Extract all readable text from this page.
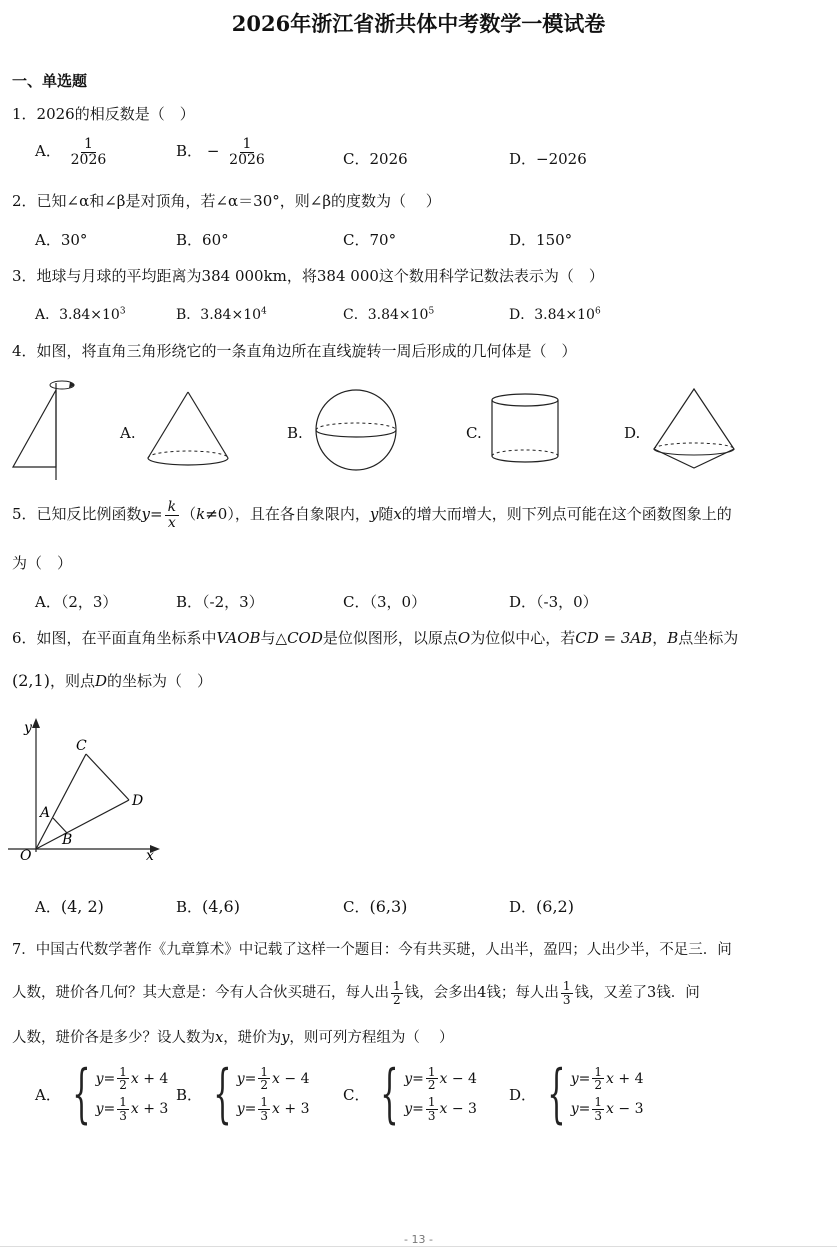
2026年浙江省浙共体中考数学一模试卷
一、单选题
1．2026的相反数是（　）
A． $\frac{1}{2026}$	B． − $\frac{1}{2026}$	C．2026	D．−2026
2．已知∠α和∠β是对顶角，若∠α＝30°，则∠β的度数为（　 ）
A．30°	B．60°	C．70°	D．150°
3．地球与月球的平均距离为384 000km，将384 000这个数用科学记数法表示为（　）
A．$3.84\times 10^3$	B．$3.84\times 10^4$	C．$3.84\times 10^5$	D．$3.84\times 10^6$
4．如图，将直角三角形绕它的一条直角边所在直线旋转一周后形成的几何体是（　）
A.	B.	C.	D.
5．已知反比例函数$y= \frac{k}{x} (k\ne 0)$，且在各自象限内，y随x的增大而增大，则下列点可能在这个函数图象上的
为（　）
A．（2，3）	B．（-2，3）	C．（3，0）	D．（-3，0）
6．如图，在平面直角坐标系中VAOB与△COD是位似图形，以原点O为位似中心，若CD = 3AB，B点坐标为
(2,1)，则点D的坐标为（　）
y
x
O
A
B
C
D
A．(4, 2)	B．(4,6)	C．(6,3)	D．(6,2)
7．中国古代数学著作《九章算术》中记载了这样一个题目：今有共买琎，人出半，盈四；人出少半，不足三．问
人数，琎价各几何？其大意是：今有人合伙买琎石，每人出 $\frac{1}{2}$ 钱，会多出4钱；每人出 $\frac{1}{3}$ 钱，又差了3钱．问
人数，琎价各是多少？设人数为x，琎价为y，则可列方程组为（　 ）
A． { $y = \frac{1}{2}$ x
+ 4
$y = \frac{1}{3}$ x
+ 3
B． { $y = \frac{1}{2}$ x
− 4
$y = \frac{1}{3}$ x
+ 3
C． { $y = \frac{1}{2}$ x
− 4
$y = \frac{1}{3}$ x
− 3
D． { $y = \frac{1}{2}$ x
+ 4
$y = \frac{1}{3}$ x
− 3
- 13 -
